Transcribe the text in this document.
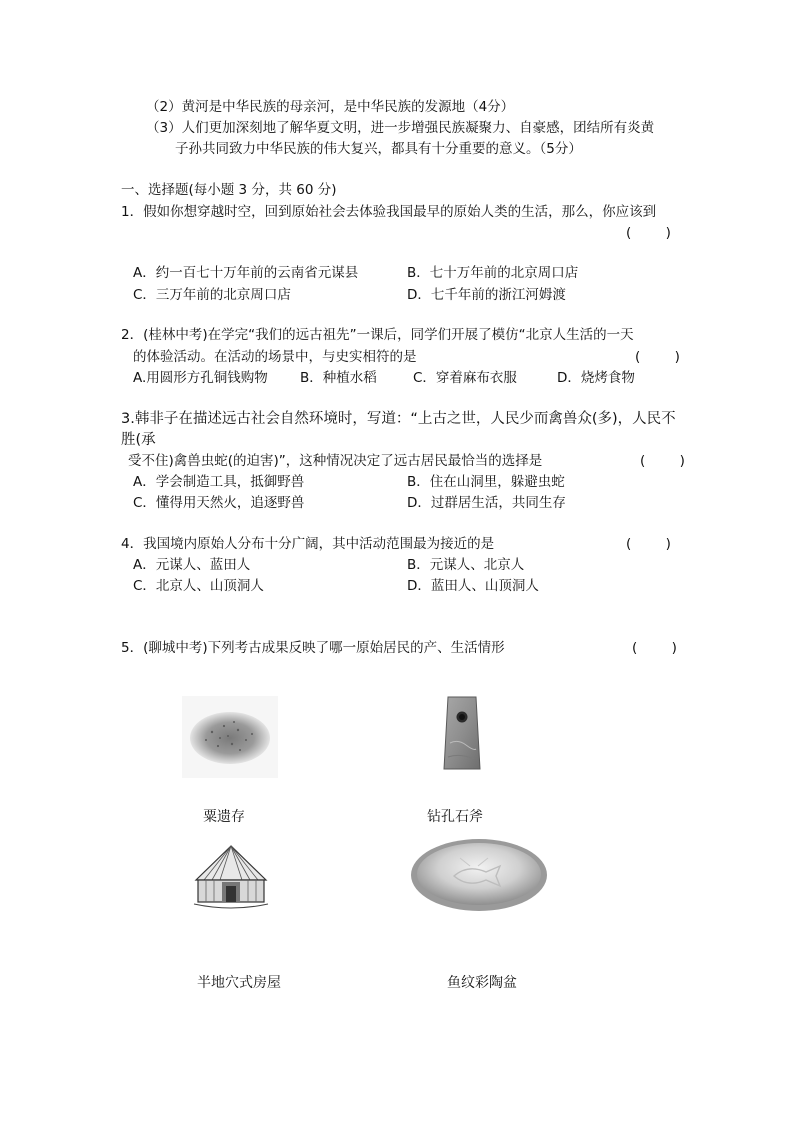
（2）黄河是中华民族的母亲河，是中华民族的发源地（4分）
（3）人们更加深刻地了解华夏文明，进一步增强民族凝聚力、自豪感，团结所有炎黄
子孙共同致力中华民族的伟大复兴，都具有十分重要的意义。（5分）
一、选择题(每小题 3 分，共 60 分)
1．假如你想穿越时空，回到原始社会去体验我国最早的原始人类的生活，那么，你应该到
(        )
A．约一百七十万年前的云南省元谋县	B．七十万年前的北京周口店
C．三万年前的北京周口店	D．七千年前的浙江河姆渡
2．(桂林中考)在学完“我们的远古祖先”一课后，同学们开展了模仿“北京人生活的一天
的体验活动。在活动的场景中，与史实相符的是	(        )
A.用圆形方孔铜钱购物 B．种植水稻	C．穿着麻布衣服	D．烧烤食物
3.韩非子在描述远古社会自然环境时，写道：“上古之世，人民少而禽兽众(多)，人民不
胜(承
受不住)禽兽虫蛇(的迫害)”，这种情况决定了远古居民最恰当的选择是	(        )
A．学会制造工具，抵御野兽	B．住在山洞里，躲避虫蛇
C．懂得用天然火，追逐野兽	D．过群居生活，共同生存
4．我国境内原始人分布十分广阔，其中活动范围最为接近的是	(        )
A．元谋人、蓝田人	B．元谋人、北京人
C．北京人、山顶洞人	D．蓝田人、山顶洞人
5．(聊城中考)下列考古成果反映了哪一原始居民的产、生活情形	(        )
粟遗存	钻孔石斧
半地穴式房屋	鱼纹彩陶盆
